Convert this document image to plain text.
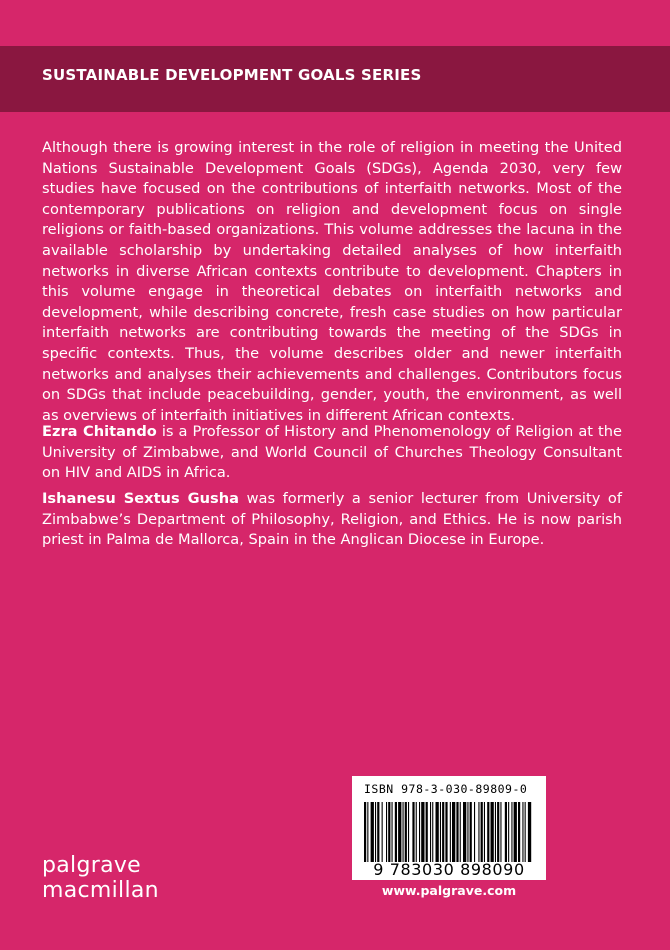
SUSTAINABLE DEVELOPMENT GOALS SERIES

Although there is growing interest in the role of religion in meeting the United Nations Sustainable Development Goals (SDGs), Agenda 2030, very few studies have focused on the contributions of interfaith networks. Most of the contemporary publications on religion and development focus on single religions or faith-based organizations. This volume addresses the lacuna in the available scholarship by undertaking detailed analyses of how interfaith networks in diverse African contexts contribute to development. Chapters in this volume engage in theoretical debates on interfaith networks and development, while describing concrete, fresh case studies on how particular interfaith networks are contributing towards the meeting of the SDGs in specific contexts. Thus, the volume describes older and newer interfaith networks and analyses their achievements and challenges. Contributors focus on SDGs that include peacebuilding, gender, youth, the environment, as well as overviews of interfaith initiatives in different African contexts.

Ezra Chitando is a Professor of History and Phenomenology of Religion at the University of Zimbabwe, and World Council of Churches Theology Consultant on HIV and AIDS in Africa.

Ishanesu Sextus Gusha was formerly a senior lecturer from University of Zimbabwe’s Department of Philosophy, Religion, and Ethics. He is now parish priest in Palma de Mallorca, Spain in the Anglican Diocese in Europe.

ISBN 978-3-030-89809-0
9 783030 898090
www.palgrave.com
palgrave
macmillan
